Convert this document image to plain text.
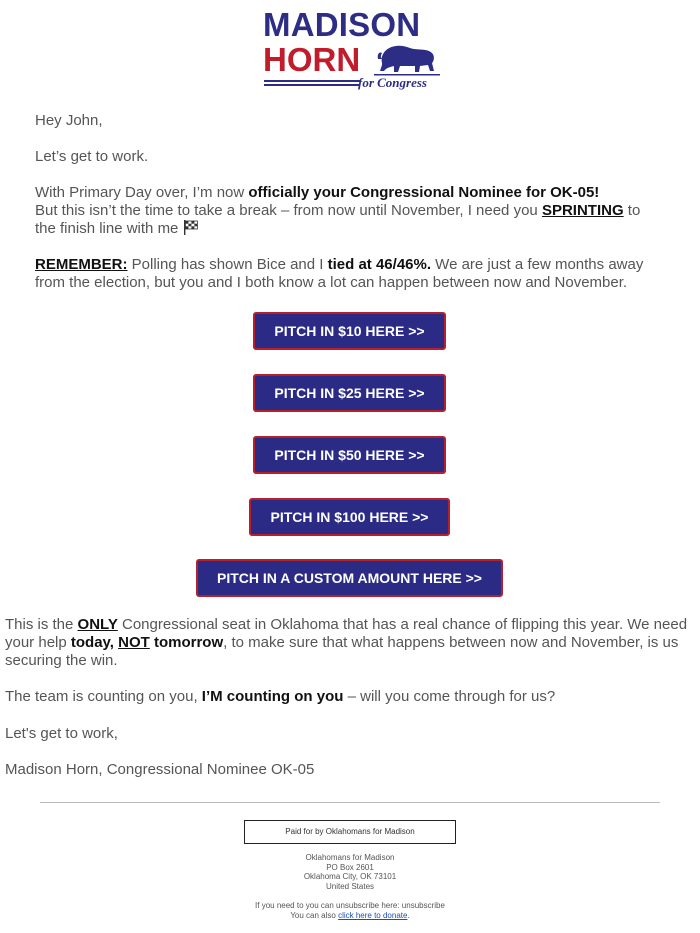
MADISON
HORN
for Congress

Hey John,

Let’s get to work.

With Primary Day over, I’m now officially your Congressional Nominee for OK-05!
But this isn’t the time to take a break – from now until November, I need you SPRINTING to the finish line with me

REMEMBER: Polling has shown Bice and I tied at 46/46%. We are just a few months away from the election, but you and I both know a lot can happen between now and November.

PITCH IN $10 HERE >>
PITCH IN $25 HERE >>
PITCH IN $50 HERE >>
PITCH IN $100 HERE >>
PITCH IN A CUSTOM AMOUNT HERE >>

This is the ONLY Congressional seat in Oklahoma that has a real chance of flipping this year. We need your help today, NOT tomorrow, to make sure that what happens between now and November, is us securing the win.

The team is counting on you, I’M counting on you – will you come through for us?

Let's get to work,

Madison Horn, Congressional Nominee OK-05

Paid for by Oklahomans for Madison
Oklahomans for Madison
PO Box 2601
Oklahoma City, OK 73101
United States
If you need to you can unsubscribe here: unsubscribe
You can also click here to donate.
